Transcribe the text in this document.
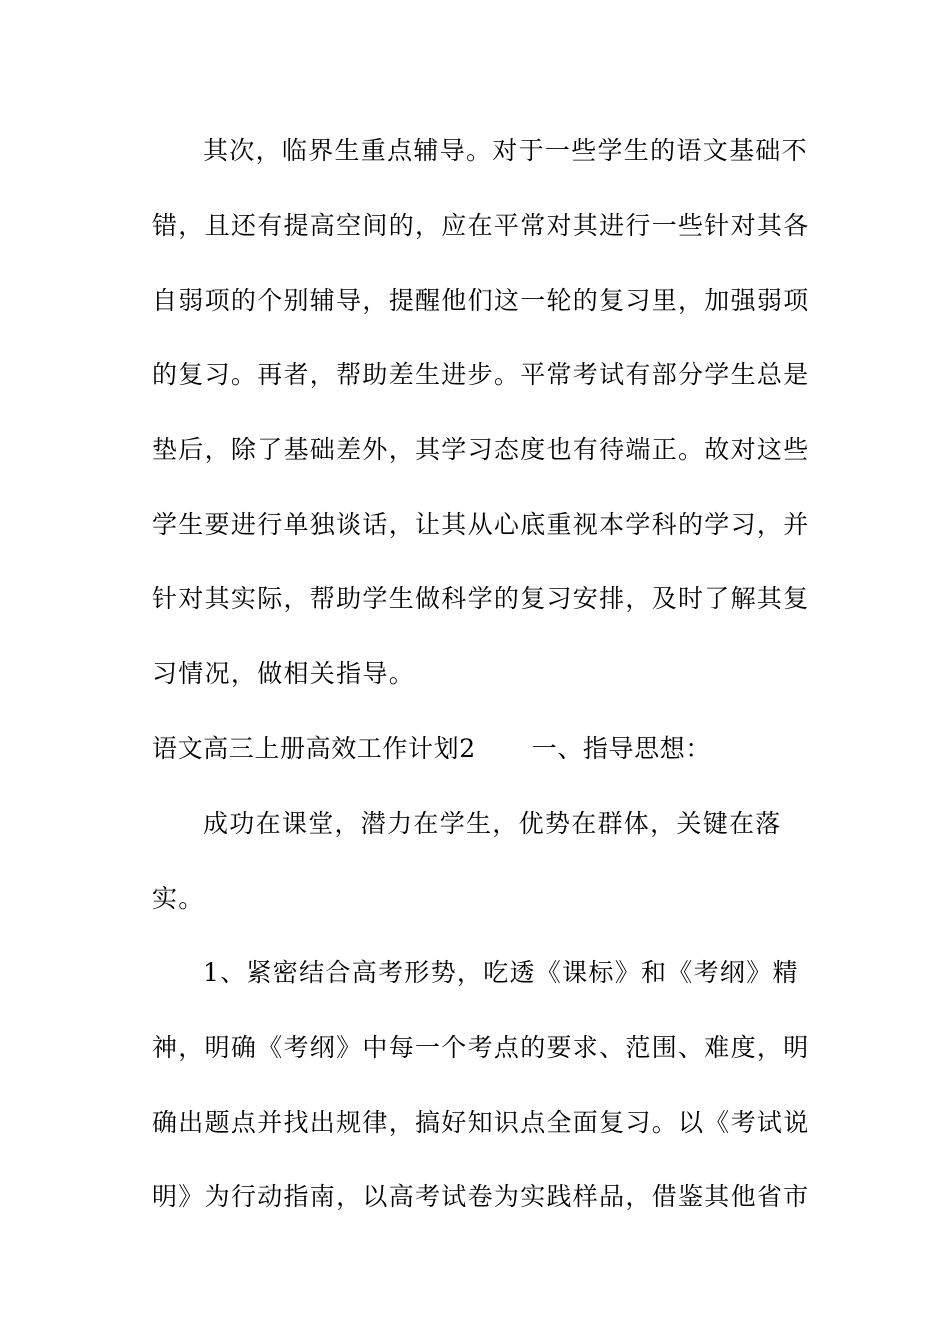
其次，临界生重点辅导。对于一些学生的语文基础不
错，且还有提高空间的，应在平常对其进行一些针对其各
自弱项的个别辅导，提醒他们这一轮的复习里，加强弱项
的复习。再者，帮助差生进步。平常考试有部分学生总是
垫后，除了基础差外，其学习态度也有待端正。故对这些
学生要进行单独谈话，让其从心底重视本学科的学习，并
针对其实际，帮助学生做科学的复习安排，及时了解其复
习情况，做相关指导。
语文高三上册高效工作计划2 一、指导思想：
成功在课堂，潜力在学生，优势在群体，关键在落
实。
1、紧密结合高考形势，吃透《课标》和《考纲》精
神，明确《考纲》中每一个考点的要求、范围、难度，明
确出题点并找出规律，搞好知识点全面复习。以《考试说
明》为行动指南，以高考试卷为实践样品，借鉴其他省市
